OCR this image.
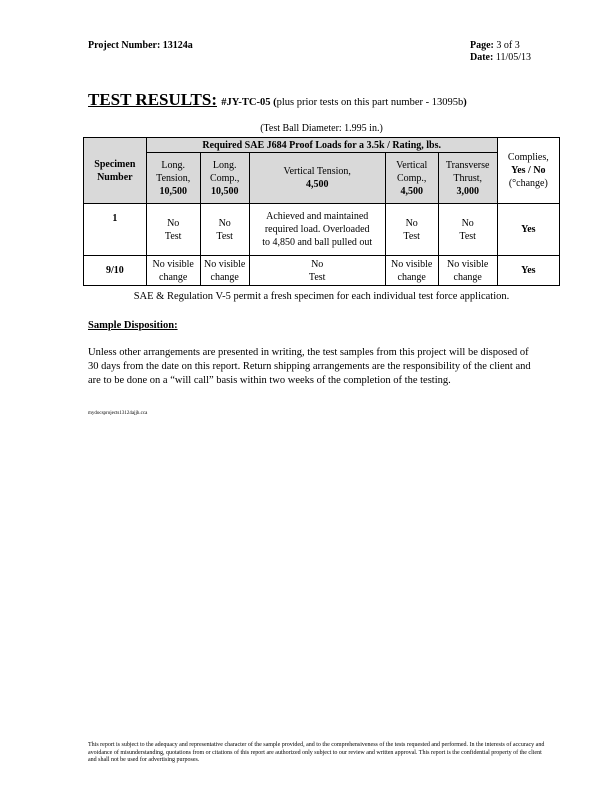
Project Number: 13124a	Page: 3 of 3
Date: 11/05/13
TEST RESULTS: #JY-TC-05 (plus prior tests on this part number - 13095b)
(Test Ball Diameter: 1.995 in.)
Specimen
Number	Required SAE J684 Proof Loads for a 3.5k / Rating, lbs.					Complies,
Yes / No
(°change)
	Long.
Tension,
10,500	Long.
Comp.,
10,500	Vertical Tension,
4,500	Vertical
Comp.,
4,500	Transverse
Thrust,
3,000	
1	No
Test	No
Test	Achieved and maintained
required load. Overloaded
to 4,850 and ball pulled out	No
Test	No
Test	Yes
9/10	No visible
change	No visible
change	No
Test	No visible
change	No visible
change	Yes
SAE & Regulation V-5 permit a fresh specimen for each individual test force application.
Sample Disposition:
Unless other arrangements are presented in writing, the test samples from this project will be disposed of 30 days from the date on this report. Return shipping arrangements are the responsibility of the client and are to be done on a “will call” basis within two weeks of the completion of the testing.
mydocsprojects13124ajjh.cca
This report is subject to the adequacy and representative character of the sample provided, and to the comprehensiveness of the tests requested and performed. In the interests of accuracy and avoidance of misunderstanding, quotations from or citations of this report are authorized only subject to our review and written approval. This report is the confidential property of the client and shall not be used for advertising purposes.
